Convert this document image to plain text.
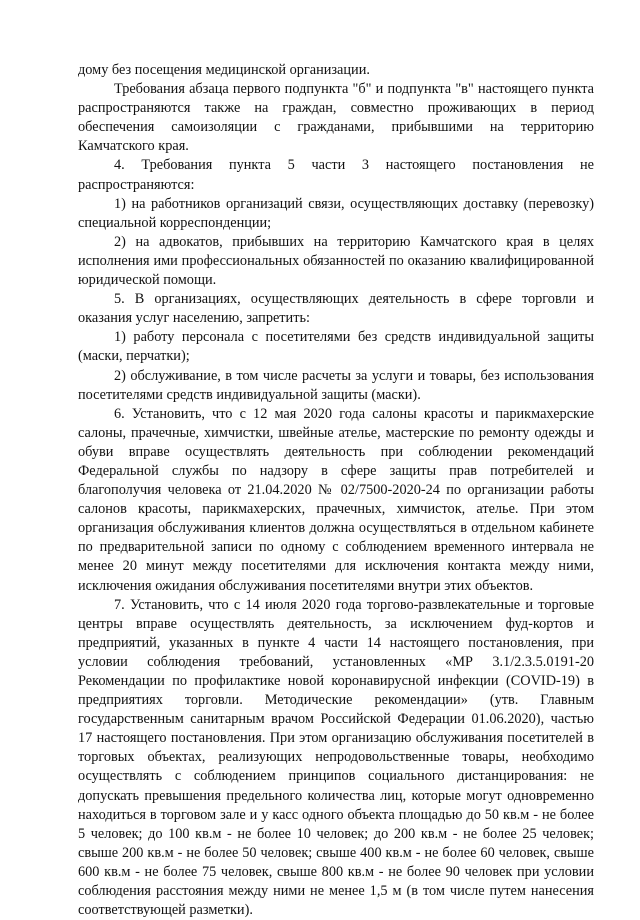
дому без посещения медицинской организации.

Требования абзаца первого подпункта "б" и подпункта "в" настоящего пункта распространяются также на граждан, совместно проживающих в период обеспечения самоизоляции с гражданами, прибывшими на территорию Камчатского края.

4. Требования пункта 5 части 3 настоящего постановления не распространяются:

1) на работников организаций связи, осуществляющих доставку (перевозку) специальной корреспонденции;

2) на адвокатов, прибывших на территорию Камчатского края в целях исполнения ими профессиональных обязанностей по оказанию квалифицированной юридической помощи.

5. В организациях, осуществляющих деятельность в сфере торговли и оказания услуг населению, запретить:

1) работу персонала с посетителями без средств индивидуальной защиты (маски, перчатки);

2) обслуживание, в том числе расчеты за услуги и товары, без использования посетителями средств индивидуальной защиты (маски).

6. Установить, что с 12 мая 2020 года салоны красоты и парикмахерские салоны, прачечные, химчистки, швейные ателье, мастерские по ремонту одежды и обуви вправе осуществлять деятельность при соблюдении рекомендаций Федеральной службы по надзору в сфере защиты прав потребителей и благополучия человека от 21.04.2020 № 02/7500-2020-24 по организации работы салонов красоты, парикмахерских, прачечных, химчисток, ателье. При этом организация обслуживания клиентов должна осуществляться в отдельном кабинете по предварительной записи по одному с соблюдением временного интервала не менее 20 минут между посетителями для исключения контакта между ними, исключения ожидания обслуживания посетителями внутри этих объектов.

7. Установить, что с 14 июля 2020 года торгово-развлекательные и торговые центры вправе осуществлять деятельность, за исключением фуд-кортов и предприятий, указанных в пункте 4 части 14 настоящего постановления, при условии соблюдения требований, установленных «МР 3.1/2.3.5.0191-20 Рекомендации по профилактике новой коронавирусной инфекции (COVID-19) в предприятиях торговли. Методические рекомендации» (утв. Главным государственным санитарным врачом Российской Федерации 01.06.2020), частью 17 настоящего постановления. При этом организацию обслуживания посетителей в торговых объектах, реализующих непродовольственные товары, необходимо осуществлять с соблюдением принципов социального дистанцирования: не допускать превышения предельного количества лиц, которые могут одновременно находиться в торговом зале и у касс одного объекта площадью до 50 кв.м - не более 5 человек; до 100 кв.м - не более 10 человек; до 200 кв.м - не более 25 человек; свыше 200 кв.м - не более 50 человек; свыше 400 кв.м - не более 60 человек, свыше 600 кв.м - не более 75 человек, свыше 800 кв.м - не более 90 человек при условии соблюдения расстояния между ними не менее 1,5 м (в том числе путем нанесения соответствующей разметки).
